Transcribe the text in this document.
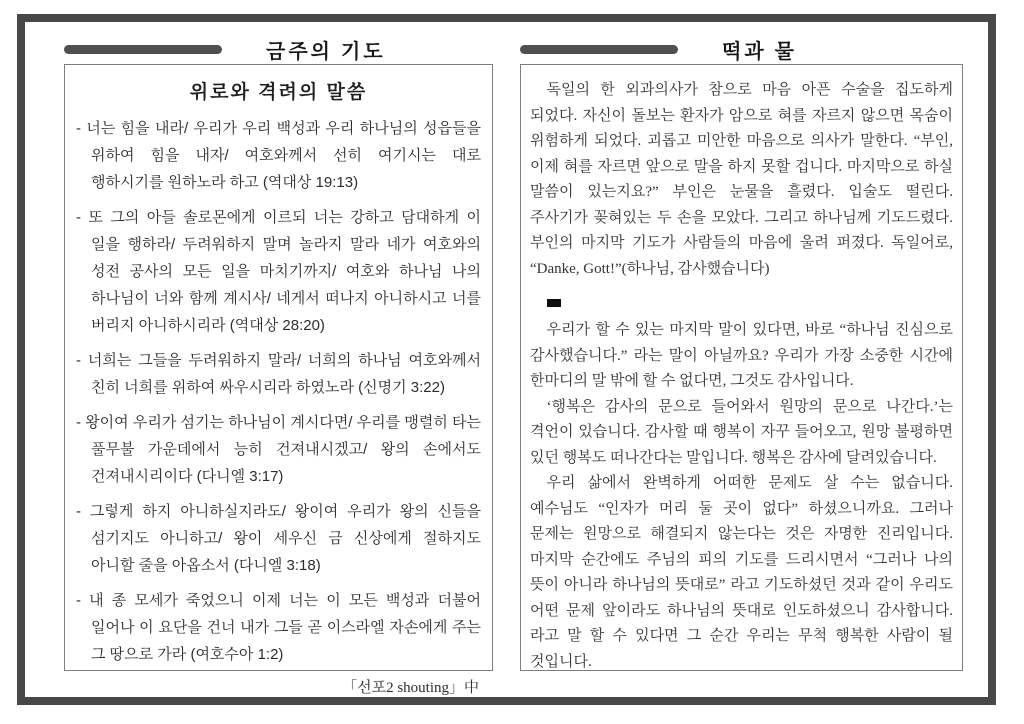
금주의 기도
위로와 격려의 말씀
- 너는 힘을 내라/ 우리가 우리 백성과 우리 하나님의 성읍들을 위하여 힘을 내자/ 여호와께서 선히 여기시는 대로 행하시기를 원하노라 하고 (역대상 19:13)
- 또 그의 아들 솔로몬에게 이르되 너는 강하고 담대하게 이 일을 행하라/ 두려워하지 말며 놀라지 말라 네가 여호와의 성전 공사의 모든 일을 마치기까지/ 여호와 하나님 나의 하나님이 너와 함께 계시사/ 네게서 떠나지 아니하시고 너를 버리지 아니하시리라 (역대상 28:20)
- 너희는 그들을 두려워하지 말라/ 너희의 하나님 여호와께서 친히 너희를 위하여 싸우시리라 하였노라 (신명기 3:22)
- 왕이여 우리가 섬기는 하나님이 계시다면/ 우리를 맹렬히 타는 풀무불 가운데에서 능히 건져내시겠고/ 왕의 손에서도 건져내시리이다 (다니엘 3:17)
- 그렇게 하지 아니하실지라도/ 왕이여 우리가 왕의 신들을 섬기지도 아니하고/ 왕이 세우신 금 신상에게 절하지도 아니할 줄을 아옵소서 (다니엘 3:18)
- 내 종 모세가 죽었으니 이제 너는 이 모든 백성과 더불어 일어나 이 요단을 건너 내가 그들 곧 이스라엘 자손에게 주는 그 땅으로 가라 (여호수아 1:2)
「선포2 shouting」中
떡과 물

독일의 한 외과의사가 참으로 마음 아픈 수술을 집도하게 되었다. 자신이 돌보는 환자가 암으로 혀를 자르지 않으면 목숨이 위험하게 되었다. 괴롭고 미안한 마음으로 의사가 말한다. “부인, 이제 혀를 자르면 앞으로 말을 하지 못할 겁니다. 마지막으로 하실 말씀이 있는지요?” 부인은 눈물을 흘렸다. 입술도 떨린다. 주사기가 꽂혀있는 두 손을 모았다. 그리고 하나님께 기도드렸다. 부인의 마지막 기도가 사람들의 마음에 울려 퍼졌다. 독일어로, “Danke, Gott!”(하나님, 감사했습니다)

우리가 할 수 있는 마지막 말이 있다면, 바로 “하나님 진심으로 감사했습니다.” 라는 말이 아닐까요? 우리가 가장 소중한 시간에 한마디의 말 밖에 할 수 없다면, 그것도 감사입니다.

‘행복은 감사의 문으로 들어와서 원망의 문으로 나간다.’는 격언이 있습니다. 감사할 때 행복이 자꾸 들어오고, 원망 불평하면 있던 행복도 떠나간다는 말입니다. 행복은 감사에 달려있습니다.

우리 삶에서 완벽하게 어떠한 문제도 살 수는 없습니다. 예수님도 “인자가 머리 둘 곳이 없다” 하셨으니까요. 그러나 문제는 원망으로 해결되지 않는다는 것은 자명한 진리입니다. 마지막 순간에도 주님의 피의 기도를 드리시면서 “그러나 나의 뜻이 아니라 하나님의 뜻대로” 라고 기도하셨던 것과 같이 우리도 어떤 문제 앞이라도 하나님의 뜻대로 인도하셨으니 감사합니다. 라고 말 할 수 있다면 그 순간 우리는 무척 행복한 사람이 될 것입니다.
